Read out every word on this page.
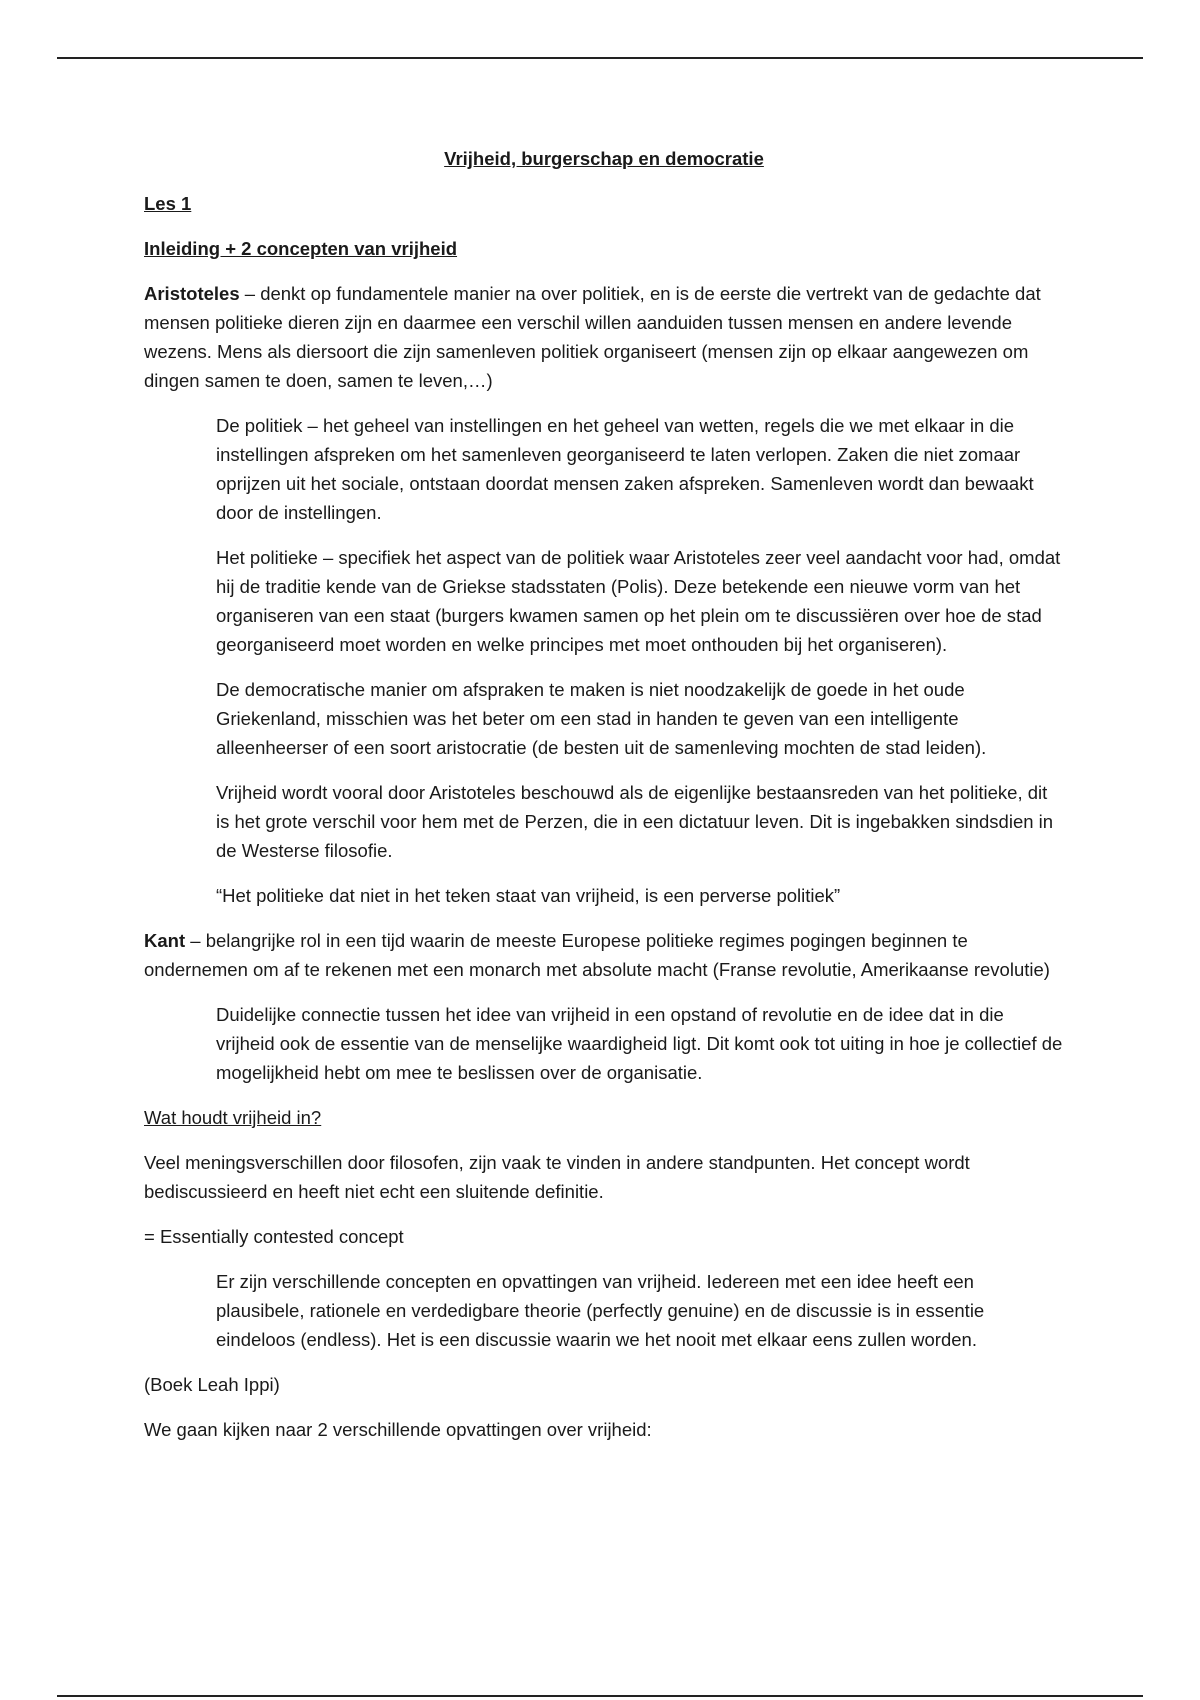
Vrijheid, burgerschap en democratie

Les 1

Inleiding + 2 concepten van vrijheid

Aristoteles – denkt op fundamentele manier na over politiek, en is de eerste die vertrekt van de gedachte dat mensen politieke dieren zijn en daarmee een verschil willen aanduiden tussen mensen en andere levende wezens. Mens als diersoort die zijn samenleven politiek organiseert (mensen zijn op elkaar aangewezen om dingen samen te doen, samen te leven,…)

De politiek – het geheel van instellingen en het geheel van wetten, regels die we met elkaar in die instellingen afspreken om het samenleven georganiseerd te laten verlopen. Zaken die niet zomaar oprijzen uit het sociale, ontstaan doordat mensen zaken afspreken. Samenleven wordt dan bewaakt door de instellingen.

Het politieke – specifiek het aspect van de politiek waar Aristoteles zeer veel aandacht voor had, omdat hij de traditie kende van de Griekse stadsstaten (Polis). Deze betekende een nieuwe vorm van het organiseren van een staat (burgers kwamen samen op het plein om te discussiëren over hoe de stad georganiseerd moet worden en welke principes met moet onthouden bij het organiseren).

De democratische manier om afspraken te maken is niet noodzakelijk de goede in het oude Griekenland, misschien was het beter om een stad in handen te geven van een intelligente alleenheerser of een soort aristocratie (de besten uit de samenleving mochten de stad leiden).

Vrijheid wordt vooral door Aristoteles beschouwd als de eigenlijke bestaansreden van het politieke, dit is het grote verschil voor hem met de Perzen, die in een dictatuur leven. Dit is ingebakken sindsdien in de Westerse filosofie.

“Het politieke dat niet in het teken staat van vrijheid, is een perverse politiek”

Kant – belangrijke rol in een tijd waarin de meeste Europese politieke regimes pogingen beginnen te ondernemen om af te rekenen met een monarch met absolute macht (Franse revolutie, Amerikaanse revolutie)

Duidelijke connectie tussen het idee van vrijheid in een opstand of revolutie en de idee dat in die vrijheid ook de essentie van de menselijke waardigheid ligt. Dit komt ook tot uiting in hoe je collectief de mogelijkheid hebt om mee te beslissen over de organisatie.

Wat houdt vrijheid in?

Veel meningsverschillen door filosofen, zijn vaak te vinden in andere standpunten. Het concept wordt bediscussieerd en heeft niet echt een sluitende definitie.

= Essentially contested concept

Er zijn verschillende concepten en opvattingen van vrijheid. Iedereen met een idee heeft een plausibele, rationele en verdedigbare theorie (perfectly genuine) en de discussie is in essentie eindeloos (endless). Het is een discussie waarin we het nooit met elkaar eens zullen worden.

(Boek Leah Ippi)

We gaan kijken naar 2 verschillende opvattingen over vrijheid:
